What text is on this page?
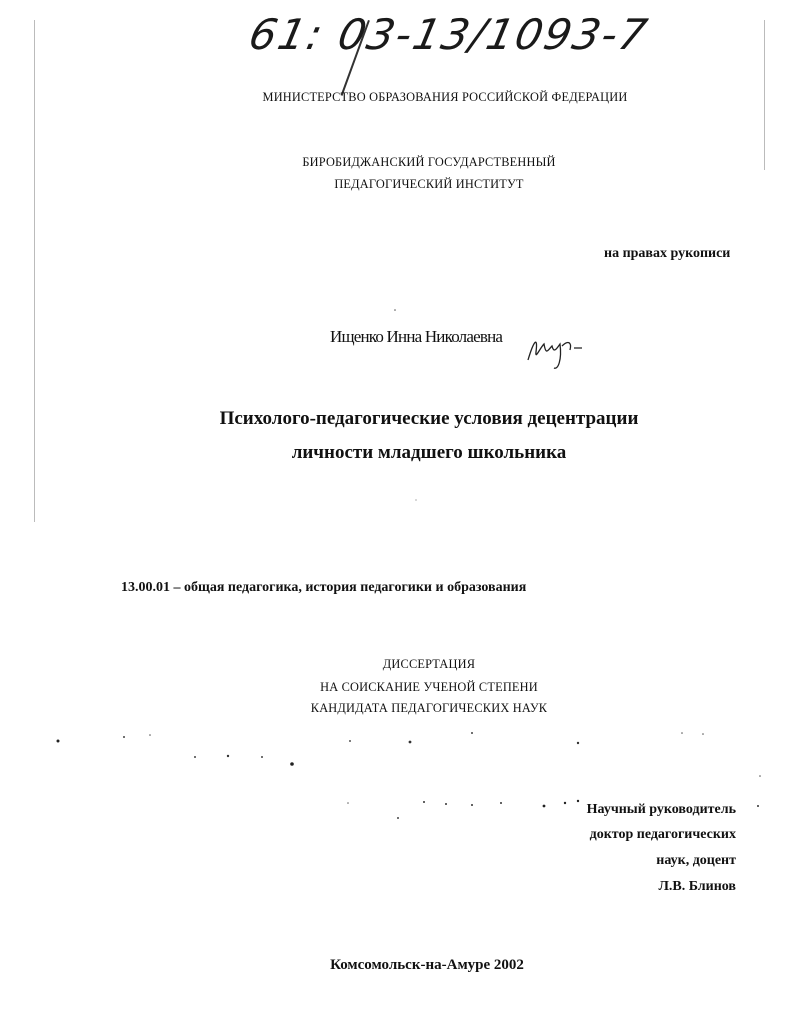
61: 03-13/1093-7
МИНИСТЕРСТВО ОБРАЗОВАНИЯ РОССИЙСКОЙ ФЕДЕРАЦИИ
БИРОБИДЖАНСКИЙ ГОСУДАРСТВЕННЫЙ
ПЕДАГОГИЧЕСКИЙ ИНСТИТУТ
на правах рукописи
Ищенко Инна Николаевна
Психолого-педагогические условия децентрации
личности младшего школьника
13.00.01 – общая педагогика, история педагогики и образования
ДИССЕРТАЦИЯ
НА СОИСКАНИЕ УЧЕНОЙ СТЕПЕНИ
КАНДИДАТА ПЕДАГОГИЧЕСКИХ НАУК
Научный руководитель
доктор педагогических
наук, доцент
Л.В. Блинов
Комсомольск-на-Амуре 2002
